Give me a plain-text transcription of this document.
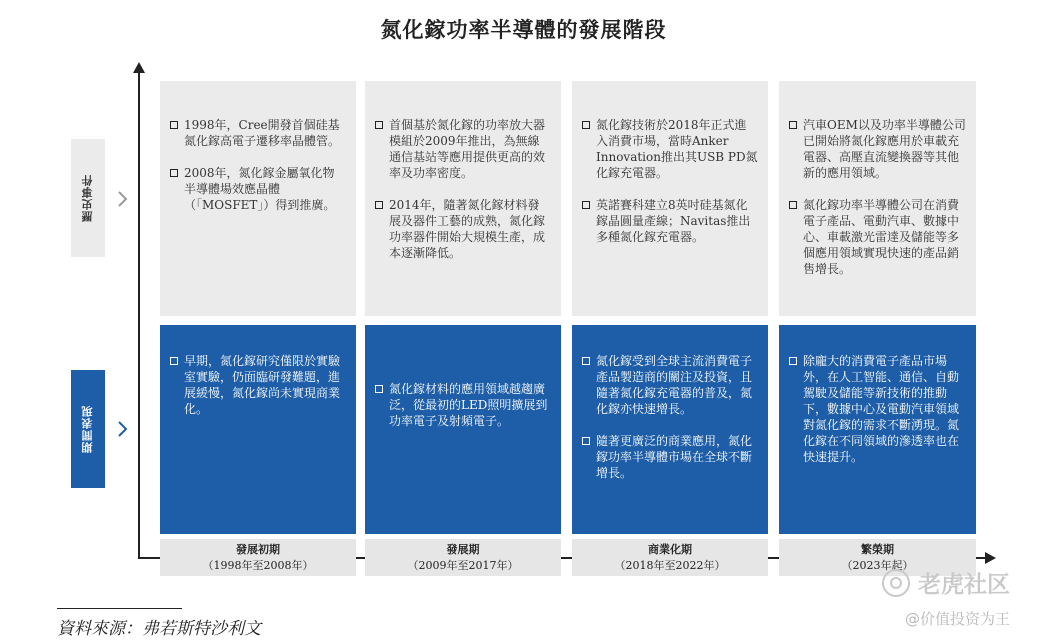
氮化鎵功率半導體的發展階段
歷史事件
期間表現
1998年，Cree開發首個硅基氮化鎵高電子遷移率晶體管。
2008年，氮化鎵金屬氧化物半導體場效應晶體（「MOSFET」）得到推廣。
首個基於氮化鎵的功率放大器模組於2009年推出，為無線通信基站等應用提供更高的效率及功率密度。
2014年，隨著氮化鎵材料發展及器件工藝的成熟，氮化鎵功率器件開始大規模生產，成本逐漸降低。
氮化鎵技術於2018年正式進入消費市場，當時Anker Innovation推出其USB PD氮化鎵充電器。
英諾賽科建立8英吋硅基氮化鎵晶圓量產線；Navitas推出多種氮化鎵充電器。
汽車OEM以及功率半導體公司已開始將氮化鎵應用於車載充電器、高壓直流變換器等其他新的應用領域。
氮化鎵功率半導體公司在消費電子產品、電動汽車、數據中心、車載激光雷達及儲能等多個應用領域實現快速的產品銷售增長。
早期，氮化鎵研究僅限於實驗室實驗，仍面臨研發難題，進展緩慢，氮化鎵尚未實現商業化。
氮化鎵材料的應用領域越趨廣泛，從最初的LED照明擴展到功率電子及射頻電子。
氮化鎵受到全球主流消費電子產品製造商的關注及投資，且隨著氮化鎵充電器的普及，氮化鎵亦快速增長。
隨著更廣泛的商業應用，氮化鎵功率半導體市場在全球不斷增長。
除龐大的消費電子產品市場外，在人工智能、通信、自動駕駛及儲能等新技術的推動下，數據中心及電動汽車領域對氮化鎵的需求不斷湧現。氮化鎵在不同領域的滲透率也在快速提升。
發展初期
（1998年至2008年）
發展期
（2009年至2017年）
商業化期
（2018年至2022年）
繁榮期
（2023年起）
資料來源：弗若斯特沙利文
老虎社区
@价值投资为王
